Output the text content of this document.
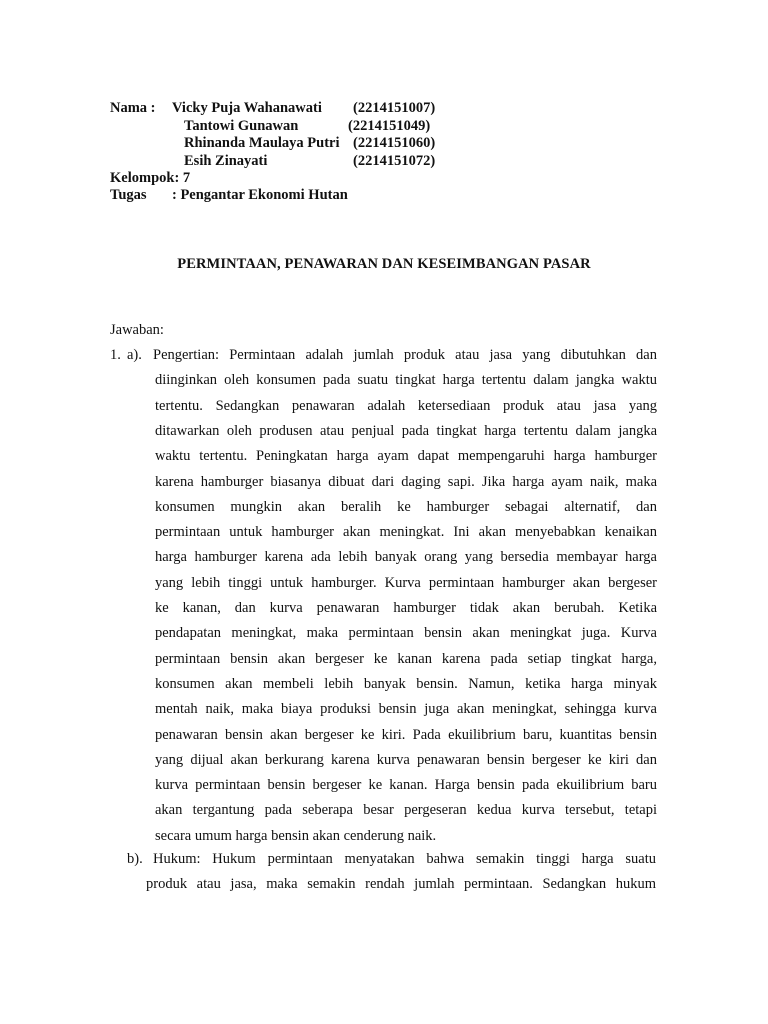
Nama : Vicky Puja Wahanawati (2214151007)
Tantowi Gunawan	(2214151049)
Rhinanda Maulaya Putri (2214151060)
Esih Zinayati	(2214151072)
Kelompok: 7
Tugas : Pengantar Ekonomi Hutan
PERMINTAAN, PENAWARAN DAN KESEIMBANGAN PASAR
Jawaban:
1. a). Pengertian: Permintaan adalah jumlah produk atau jasa yang dibutuhkan dan
diinginkan oleh konsumen pada suatu tingkat harga tertentu dalam jangka waktu
tertentu. Sedangkan penawaran adalah ketersediaan produk atau jasa yang
ditawarkan oleh produsen atau penjual pada tingkat harga tertentu dalam jangka
waktu tertentu. Peningkatan harga ayam dapat mempengaruhi harga hamburger
karena hamburger biasanya dibuat dari daging sapi. Jika harga ayam naik, maka
konsumen mungkin akan beralih ke hamburger sebagai alternatif, dan
permintaan untuk hamburger akan meningkat. Ini akan menyebabkan kenaikan
harga hamburger karena ada lebih banyak orang yang bersedia membayar harga
yang lebih tinggi untuk hamburger. Kurva permintaan hamburger akan bergeser
ke kanan, dan kurva penawaran hamburger tidak akan berubah. Ketika
pendapatan meningkat, maka permintaan bensin akan meningkat juga. Kurva
permintaan bensin akan bergeser ke kanan karena pada setiap tingkat harga,
konsumen akan membeli lebih banyak bensin. Namun, ketika harga minyak
mentah naik, maka biaya produksi bensin juga akan meningkat, sehingga kurva
penawaran bensin akan bergeser ke kiri. Pada ekuilibrium baru, kuantitas bensin
yang dijual akan berkurang karena kurva penawaran bensin bergeser ke kiri dan
kurva permintaan bensin bergeser ke kanan. Harga bensin pada ekuilibrium baru
akan tergantung pada seberapa besar pergeseran kedua kurva tersebut, tetapi
secara umum harga bensin akan cenderung naik.
b). Hukum: Hukum permintaan menyatakan bahwa semakin tinggi harga suatu
produk atau jasa, maka semakin rendah jumlah permintaan. Sedangkan hukum
